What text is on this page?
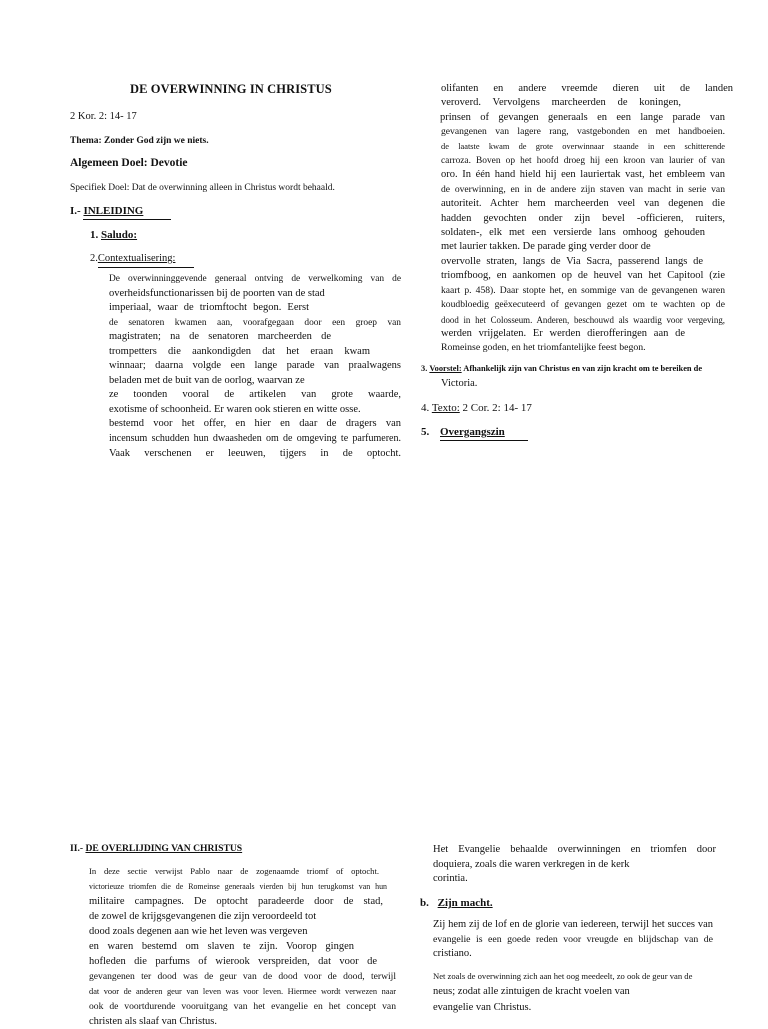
DE OVERWINNING IN CHRISTUS
2 Kor. 2: 14- 17
Thema: Zonder God zijn we niets.
Algemeen Doel: Devotie
Specifiek Doel: Dat de overwinning alleen in Christus wordt behaald.
I.- INLEIDING
1. Saludo:
2.Contextualisering:

De overwinninggevende generaal ontving de verwelkoming van de

overheidsfunctionarissen bij de poorten van de stad

imperiaal, waar de triomftocht begon. Eerst

de senatoren kwamen aan, voorafgegaan door een groep van

magistraten; na de senatoren marcheerden de

trompetters die aankondigden dat het eraan kwam

winnaar; daarna volgde een lange parade van praalwagens

beladen met de buit van de oorlog, waarvan ze

ze toonden vooral de artikelen van grote waarde,

exotisme of schoonheid. Er waren ook stieren en witte osse.

bestemd voor het offer, en hier en daar de dragers van

incensum schudden hun dwaasheden om de omgeving te parfumeren.

Vaak verschenen er leeuwen, tijgers in de optocht.

olifanten en andere vreemde dieren uit de landen

veroverd. Vervolgens marcheerden de koningen,

prinsen of gevangen generaals en een lange parade van

gevangenen van lagere rang, vastgebonden en met handboeien.

de laatste kwam de grote overwinnaar staande in een schitterende

carroza. Boven op het hoofd droeg hij een kroon van laurier of van

oro. In één hand hield hij een lauriertak vast, het embleem van

de overwinning, en in de andere zijn staven van macht in serie van

autoriteit. Achter hem marcheerden veel van degenen die

hadden gevochten onder zijn bevel -officieren, ruiters,

soldaten-, elk met een versierde lans omhoog gehouden

met laurier takken. De parade ging verder door de

overvolle straten, langs de Via Sacra, passerend langs de

triomfboog, en aankomen op de heuvel van het Capitool (zie

kaart p. 458). Daar stopte het, en sommige van de gevangenen waren

koudbloedig geëxecuteerd of gevangen gezet om te wachten op de

dood in het Colosseum. Anderen, beschouwd als waardig voor vergeving,

werden vrijgelaten. Er werden dierofferingen aan de

Romeinse goden, en het triomfantelijke feest begon.

3. Voorstel: Afhankelijk zijn van Christus en van zijn kracht om te bereiken de
Victoria.
4. Texto: 2 Cor. 2: 14- 17
5. Overgangszin
II.- DE OVERLIJDING VAN CHRISTUS

In deze sectie verwijst Pablo naar de zogenaamde triomf of optocht.

victorieuze triomfen die de Romeinse generaals vierden bij hun terugkomst van hun

militaire campagnes. De optocht paradeerde door de stad,

de zowel de krijgsgevangenen die zijn veroordeeld tot

dood zoals degenen aan wie het leven was vergeven

en waren bestemd om slaven te zijn. Voorop gingen

hofleden die parfums of wierook verspreiden, dat voor de

gevangenen ter dood was de geur van de dood voor de dood, terwijl

dat voor de anderen geur van leven was voor leven. Hiermee wordt verwezen naar

ook de voortdurende vooruitgang van het evangelie en het concept van

christen als slaaf van Christus.

Het Evangelie behaalde overwinningen en triomfen door

doquiera, zoals die waren verkregen in de kerk

corintia.

b. Zijn macht.

Zij hem zij de lof en de glorie van iedereen, terwijl het succes van

evangelie is een goede reden voor vreugde en blijdschap van de

cristiano.

Net zoals de overwinning zich aan het oog meedeelt, zo ook de geur van de

neus; zodat alle zintuigen de kracht voelen van

evangelie van Christus.
